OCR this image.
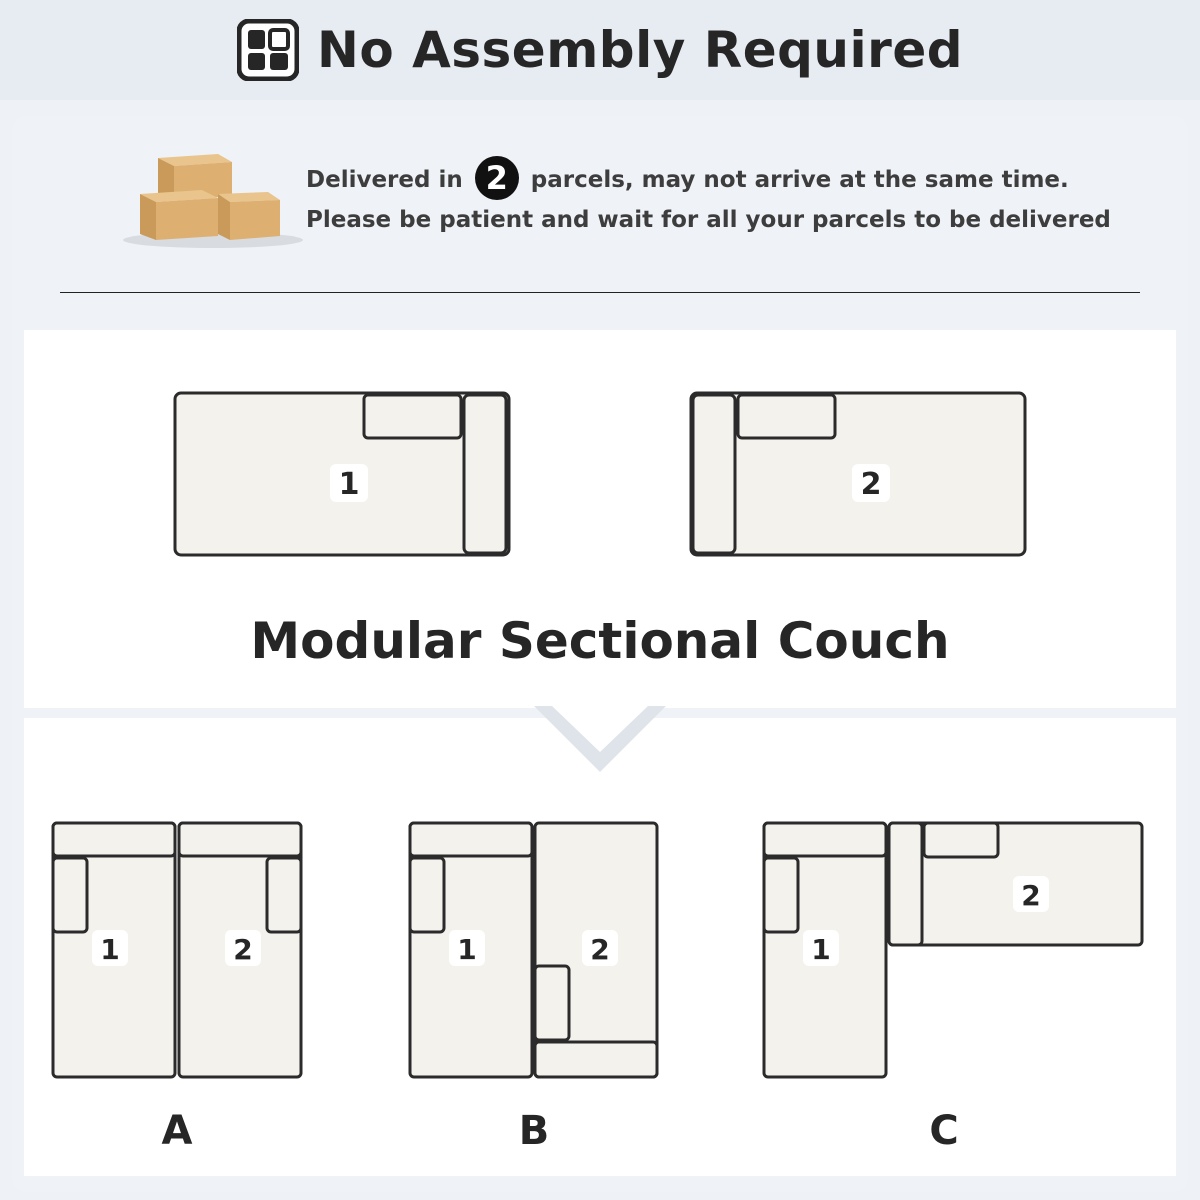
No Assembly Required
Delivered in 2 parcels, may not arrive at the same time.
Please be patient and wait for all your parcels to be delivered
1	2
Modular Sectional Couch
1	2
A
1	2
B
1
2
C
